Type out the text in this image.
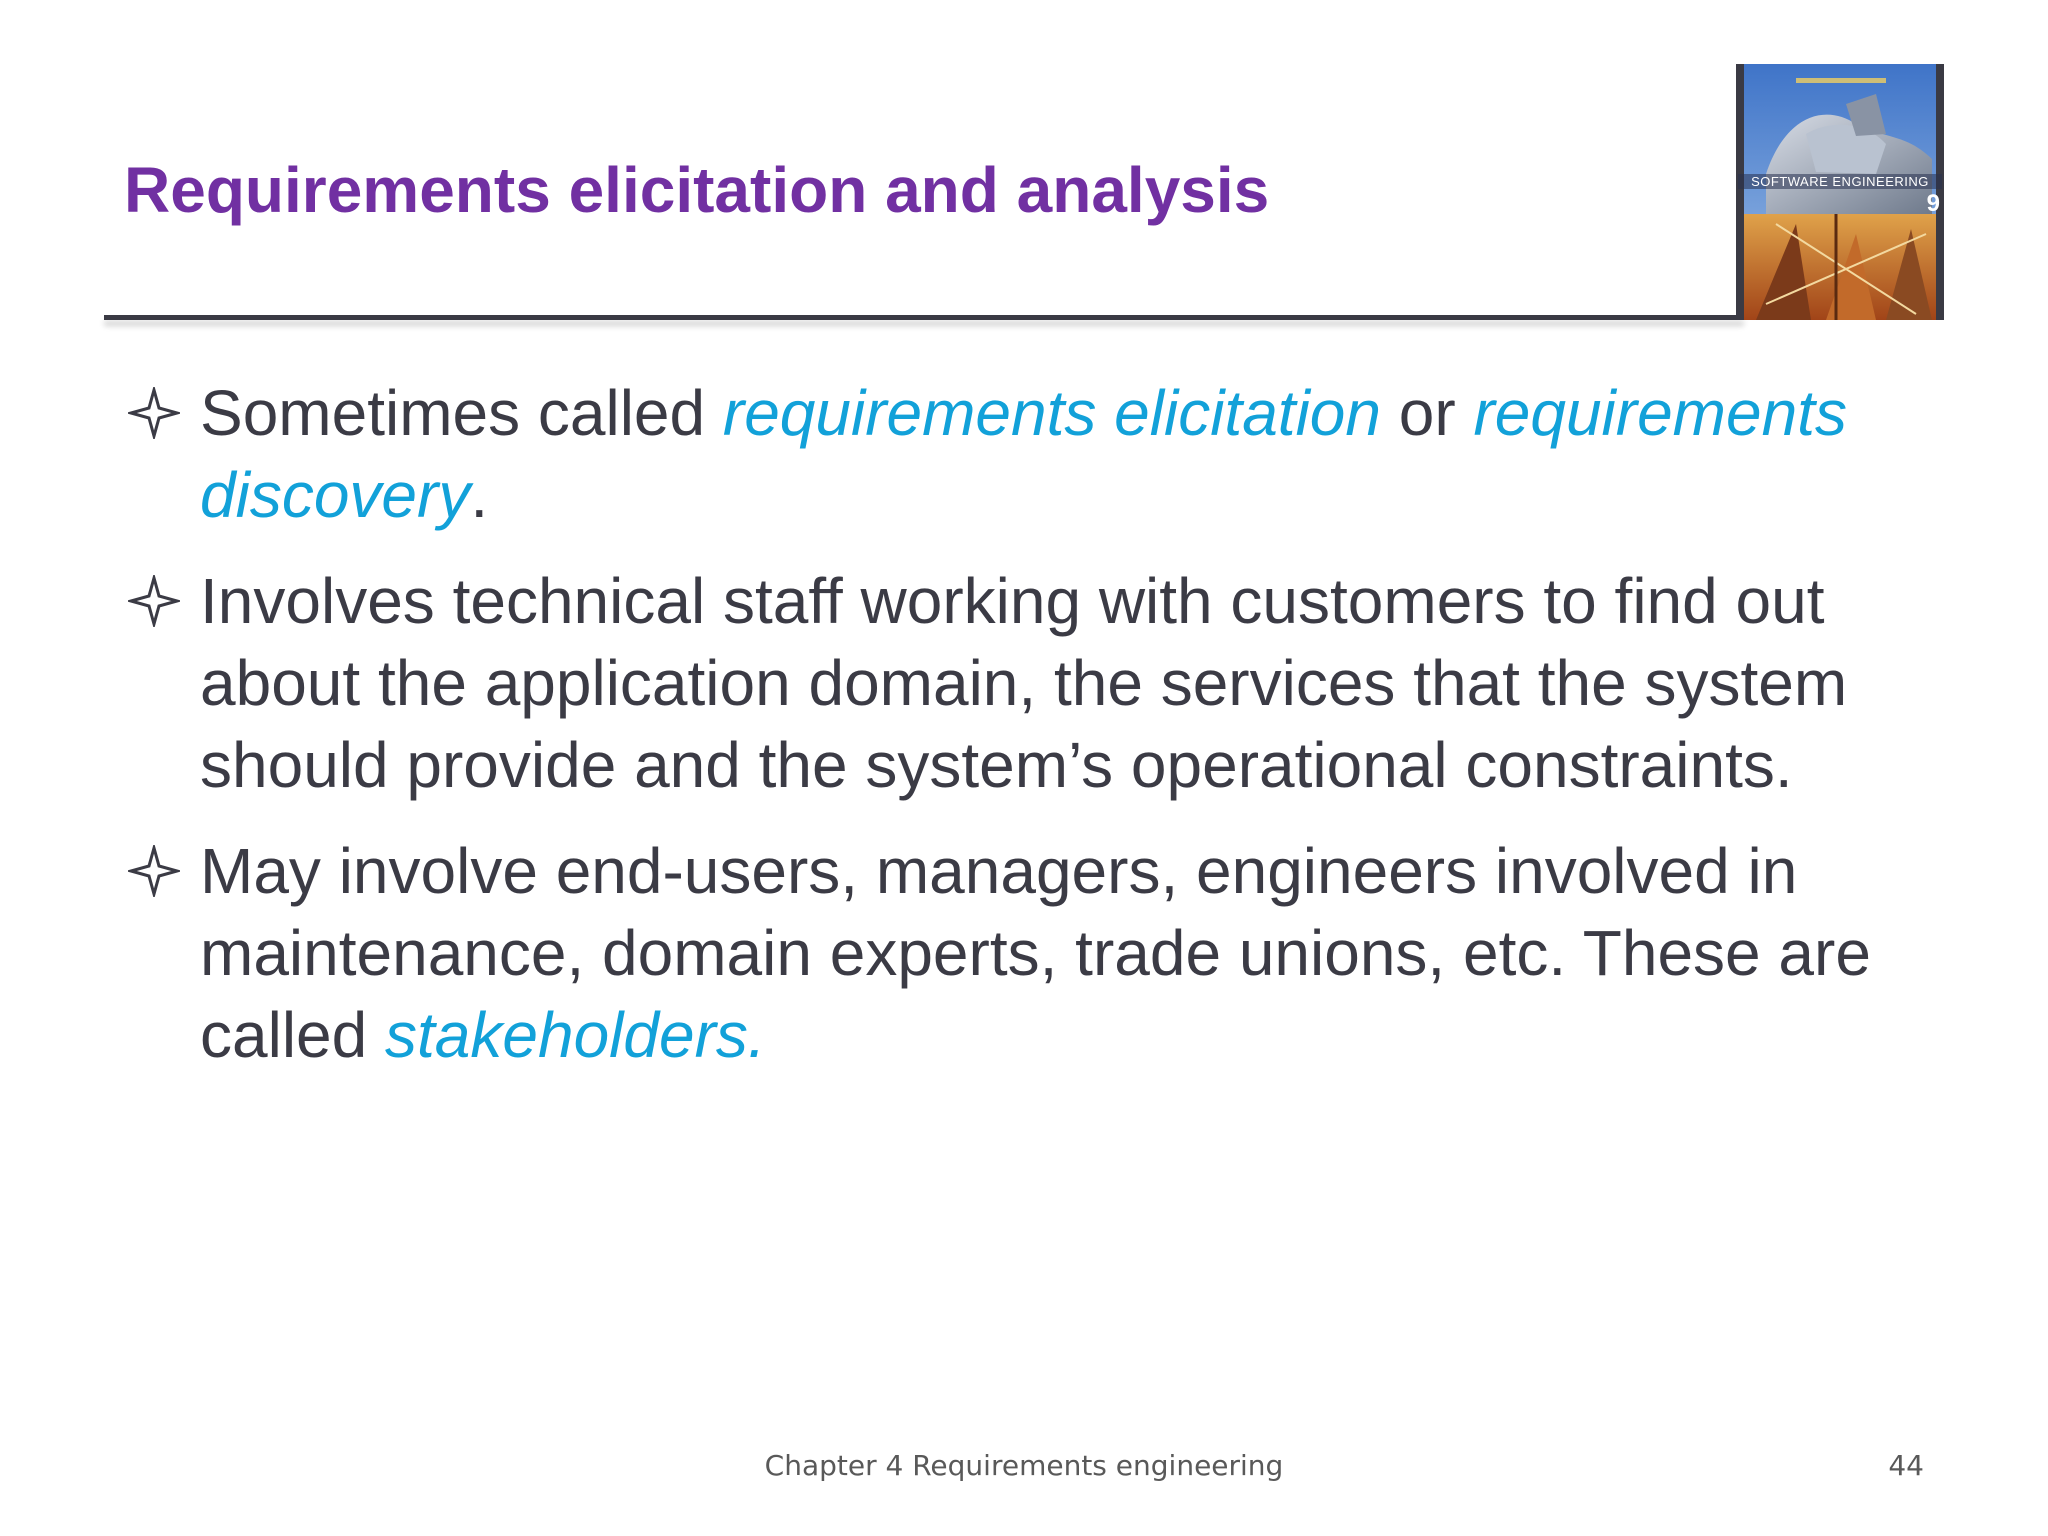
Requirements elicitation and analysis	SOFTWARE ENGINEERING
9
Sometimes called requirements elicitation or requirements discovery.
Involves technical staff working with customers to find out about the application domain, the services that the system should provide and the system’s operational constraints.
May involve end-users, managers, engineers involved in maintenance, domain experts, trade unions, etc. These are called stakeholders.
Chapter 4 Requirements engineering	44
